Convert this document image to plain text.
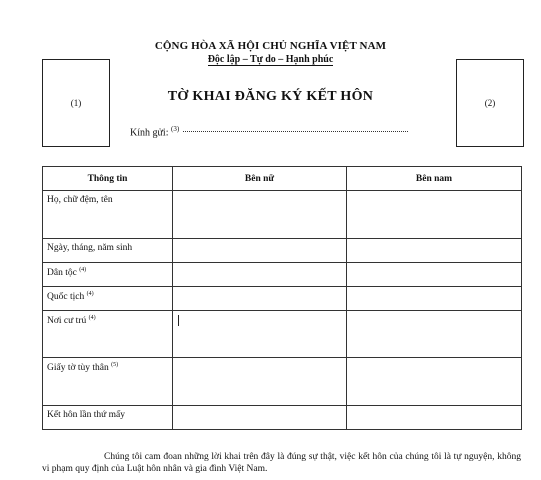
CỘNG HÒA XÃ HỘI CHỦ NGHĨA VIỆT NAM
Độc lập – Tự do – Hạnh phúc
(1)	(2)
TỜ KHAI ĐĂNG KÝ KẾT HÔN
Kính gửi: $^{(3)}$
Thông tin	Bên nữ	Bên nam
Họ, chữ đệm, tên		
Ngày, tháng, năm sinh		
Dân tộc $^{(4)}$		
Quốc tịch $^{(4)}$		
Nơi cư trú $^{(4)}$		
Giấy tờ tùy thân $^{(5)}$		
Kết hôn lần thứ mấy		
Chúng tôi cam đoan những lời khai trên đây là đúng sự thật, việc kết hôn của chúng tôi là tự nguyện, không vi phạm quy định của Luật hôn nhân và gia đình Việt Nam.
